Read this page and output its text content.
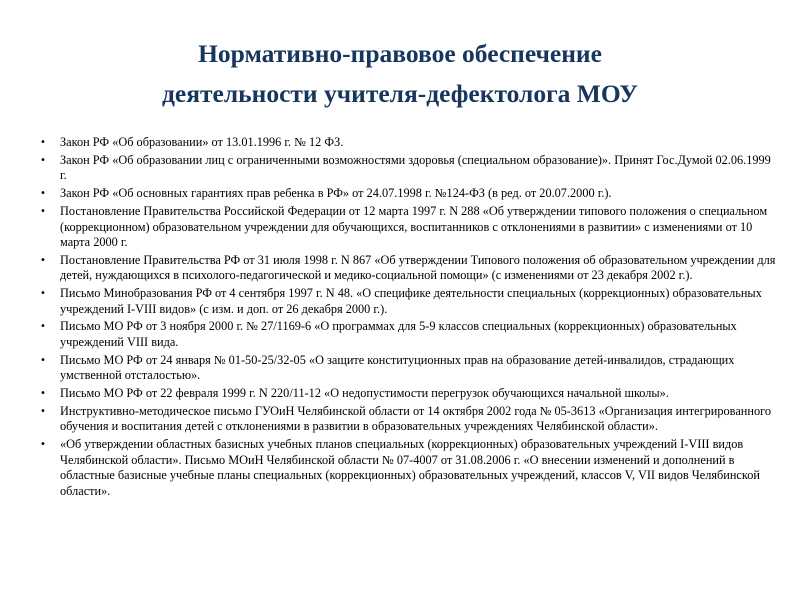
Нормативно-правовое обеспечение
деятельности учителя-дефектолога МОУ
• Закон РФ «Об образовании» от 13.01.1996 г. № 12 ФЗ.
• Закон РФ «Об образовании лиц с ограниченными возможностями здоровья (специальном образование)». Принят Гос.Думой 02.06.1999 г.
• Закон РФ «Об основных гарантиях прав ребенка в РФ» от 24.07.1998 г. №124-ФЗ (в ред. от 20.07.2000 г.).
• Постановление Правительства Российской Федерации от 12 марта 1997 г. N 288 «Об утверждении типового положения о специальном (коррекционном) образовательном учреждении для обучающихся, воспитанников с отклонениями в развитии» с изменениями от 10 марта 2000 г.
• Постановление Правительства РФ от 31 июля 1998 г. N 867 «Об утверждении Типового положения об образовательном учреждении для детей, нуждающихся в психолого-педагогической и медико-социальной помощи» (с изменениями от 23 декабря 2002 г.).
• Письмо Минобразования РФ от 4 сентября 1997 г. N 48. «О специфике деятельности специальных (коррекционных) образовательных учреждений I-VIII видов» (с изм. и доп. от 26 декабря 2000 г.).
• Письмо МО РФ от 3 ноября 2000 г. № 27/1169-6 «О программах для 5-9 классов специальных (коррекционных) образовательных учреждений VIII вида.
• Письмо МО РФ от 24 января № 01-50-25/32-05 «О защите конституционных прав на образование детей-инвалидов, страдающих умственной отсталостью».
• Письмо МО РФ от 22 февраля 1999 г. N 220/11-12 «О недопустимости перегрузок обучающихся начальной школы».
• Инструктивно-методическое письмо ГУОиН Челябинской области от 14 октября 2002 года № 05-3613 «Организация интегрированного обучения и воспитания детей с отклонениями в развитии в образовательных учреждениях Челябинской области».
• «Об утверждении областных базисных учебных планов специальных (коррекционных) образовательных учреждений I-VIII видов Челябинской области». Письмо МОиН Челябинской области № 07-4007 от 31.08.2006 г. «О внесении изменений и дополнений в областные базисные учебные планы специальных (коррекционных) образовательных учреждений, классов V, VII видов Челябинской области».
